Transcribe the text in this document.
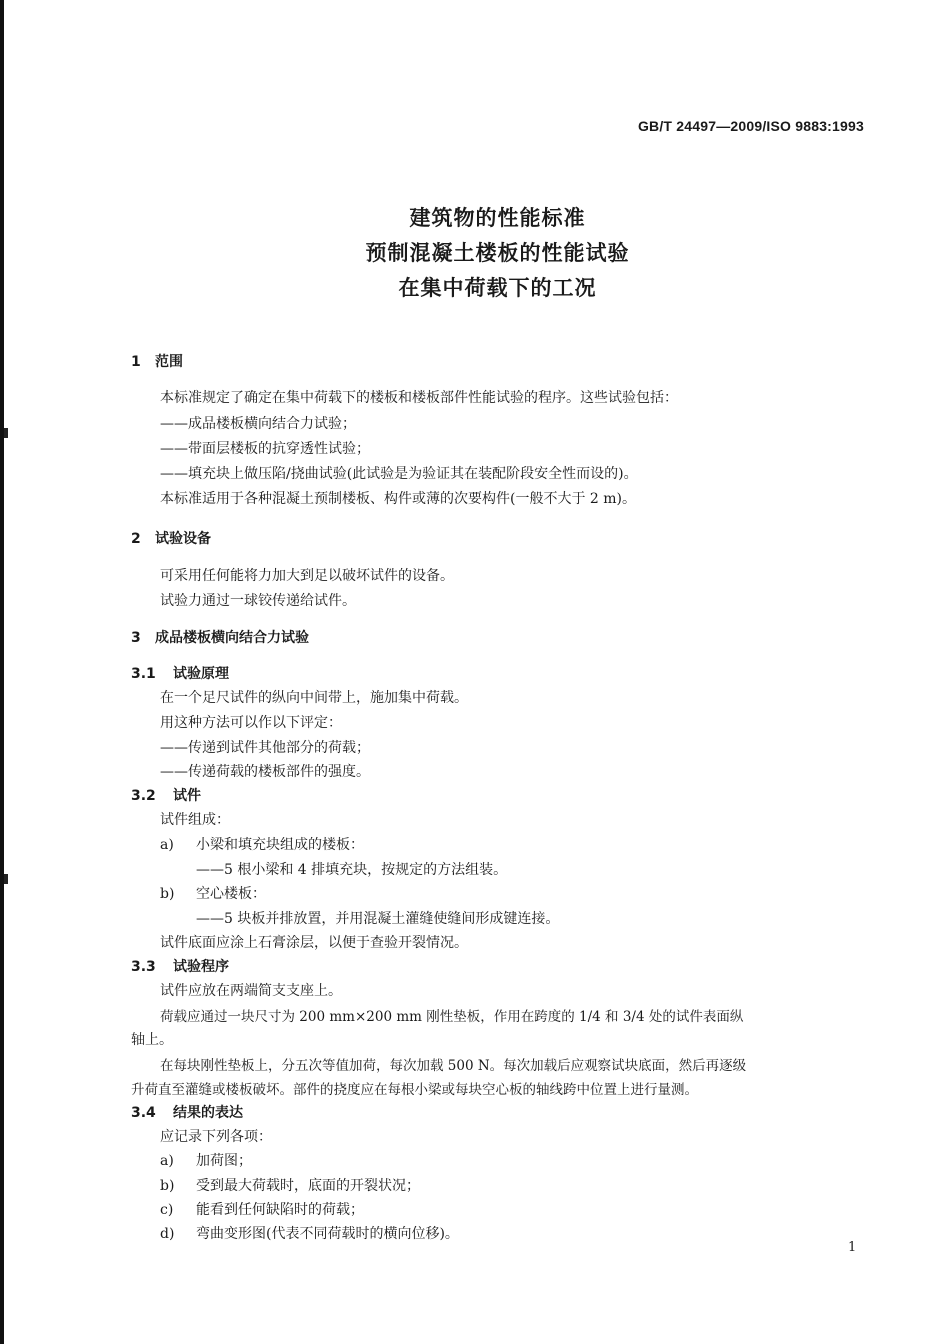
GB/T 24497—2009/ISO 9883:1993
建筑物的性能标准
预制混凝土楼板的性能试验
在集中荷载下的工况
1 范围
本标准规定了确定在集中荷载下的楼板和楼板部件性能试验的程序。这些试验包括：
——成品楼板横向结合力试验；
——带面层楼板的抗穿透性试验；
——填充块上做压陷/挠曲试验(此试验是为验证其在装配阶段安全性而设的)。
本标准适用于各种混凝土预制楼板、构件或薄的次要构件(一般不大于 2 m)。
2 试验设备
可采用任何能将力加大到足以破坏试件的设备。
试验力通过一球铰传递给试件。
3 成品楼板横向结合力试验
3.1 试验原理
在一个足尺试件的纵向中间带上，施加集中荷载。
用这种方法可以作以下评定：
——传递到试件其他部分的荷载；
——传递荷载的楼板部件的强度。
3.2 试件
试件组成：
a) 小梁和填充块组成的楼板：
——5 根小梁和 4 排填充块，按规定的方法组装。
b) 空心楼板：
——5 块板并排放置，并用混凝土灌缝使缝间形成键连接。
试件底面应涂上石膏涂层，以便于查验开裂情况。
3.3 试验程序
试件应放在两端简支支座上。
荷载应通过一块尺寸为 200 mm×200 mm 刚性垫板，作用在跨度的 1/4 和 3/4 处的试件表面纵
轴上。
在每块刚性垫板上，分五次等值加荷，每次加载 500 N。每次加载后应观察试块底面，然后再逐级
升荷直至灌缝或楼板破坏。部件的挠度应在每根小梁或每块空心板的轴线跨中位置上进行量测。
3.4 结果的表达
应记录下列各项：
a) 加荷图；
b) 受到最大荷载时，底面的开裂状况；
c) 能看到任何缺陷时的荷载；
d) 弯曲变形图(代表不同荷载时的横向位移)。
1
